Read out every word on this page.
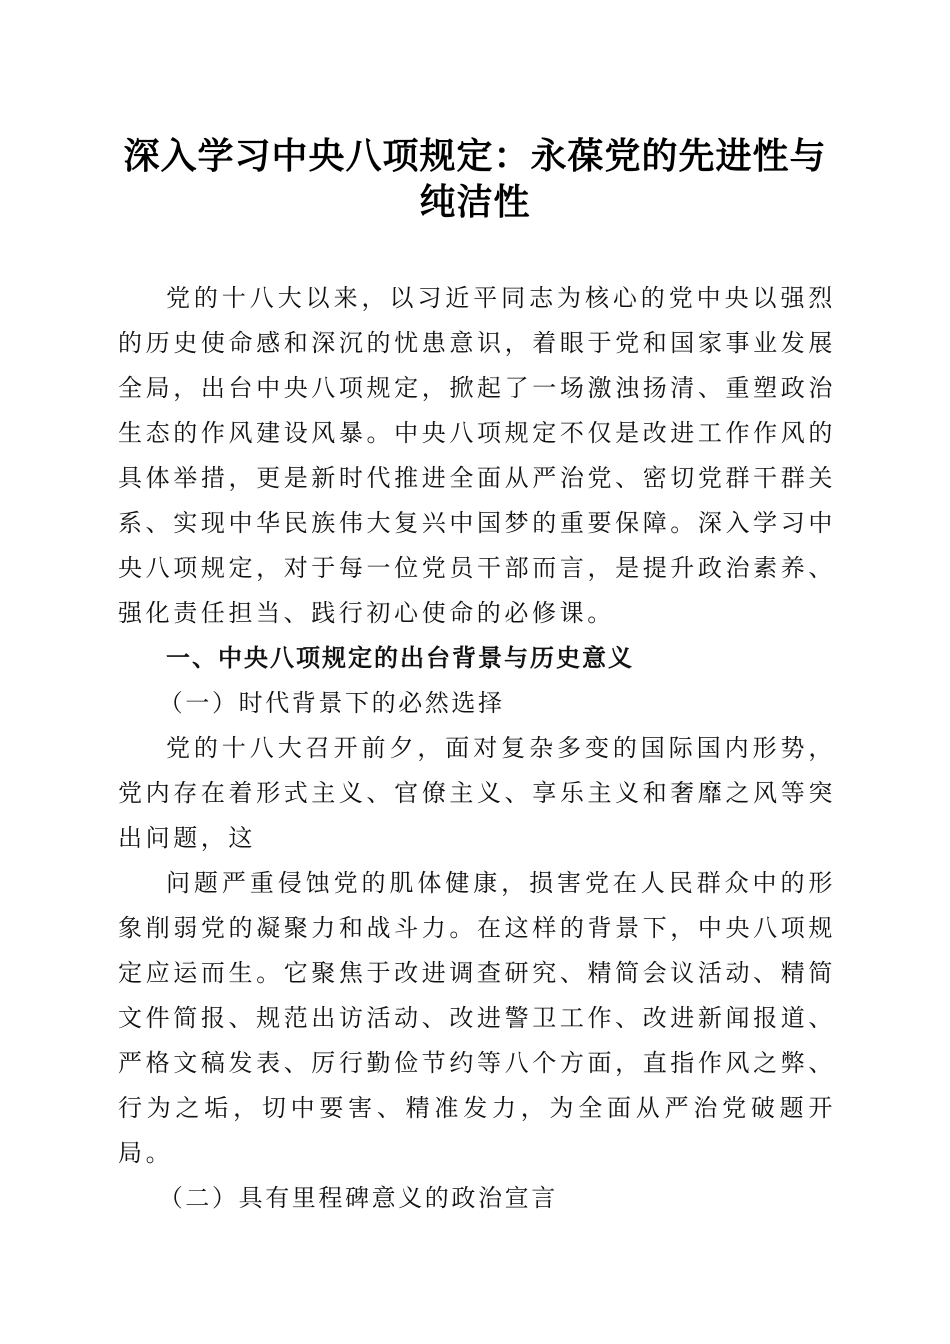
深入学习中央八项规定：永葆党的先进性与纯洁性

党的十八大以来，以习近平同志为核心的党中央以强烈的历史使命感和深沉的忧患意识，着眼于党和国家事业发展全局，出台中央八项规定，掀起了一场激浊扬清、重塑政治生态的作风建设风暴。中央八项规定不仅是改进工作作风的具体举措，更是新时代推进全面从严治党、密切党群干群关系、实现中华民族伟大复兴中国梦的重要保障。深入学习中央八项规定，对于每一位党员干部而言，是提升政治素养、强化责任担当、践行初心使命的必修课。

一、中央八项规定的出台背景与历史意义

（一）时代背景下的必然选择

党的十八大召开前夕，面对复杂多变的国际国内形势，党内存在着形式主义、官僚主义、享乐主义和奢靡之风等突出问题，这

问题严重侵蚀党的肌体健康，损害党在人民群众中的形象削弱党的凝聚力和战斗力。在这样的背景下，中央八项规定应运而生。它聚焦于改进调查研究、精简会议活动、精简文件简报、规范出访活动、改进警卫工作、改进新闻报道、严格文稿发表、厉行勤俭节约等八个方面，直指作风之弊、行为之垢，切中要害、精准发力，为全面从严治党破题开局。

（二）具有里程碑意义的政治宣言
